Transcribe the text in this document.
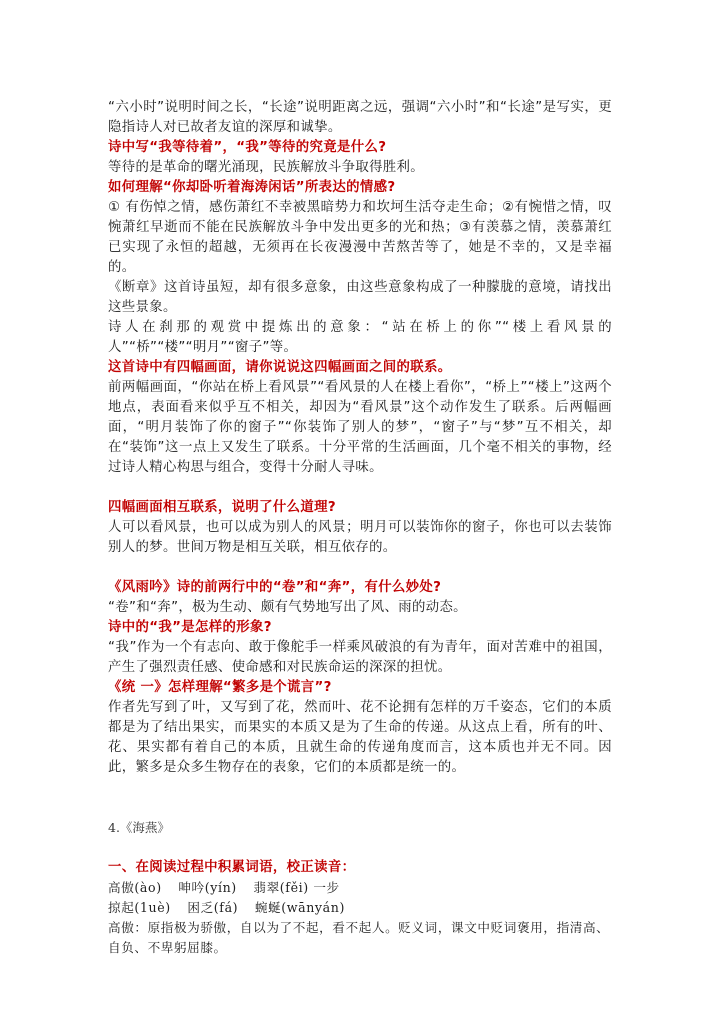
“六小时”说明时间之长，“长途”说明距离之远，强调“六小时”和“长途”是写实，更隐指诗人对已故者友谊的深厚和诚挚。

诗中写“我等待着”，“我”等待的究竟是什么?

等待的是革命的曙光涌现，民族解放斗争取得胜利。

如何理解“你却卧听着海涛闲话”所表达的情感?

① 有伤悼之情，感伤萧红不幸被黑暗势力和坎坷生活夺走生命；②有惋惜之情，叹惋萧红早逝而不能在民族解放斗争中发出更多的光和热；③有羡慕之情，羡慕萧红已实现了永恒的超越，无须再在长夜漫漫中苦熬苦等了，她是不幸的，又是幸福的。

《断章》这首诗虽短，却有很多意象，由这些意象构成了一种朦胧的意境，请找出这些景象。

诗人在刹那的观赏中提炼出的意象：“站在桥上的你”“楼上看风景的人”“桥”“楼”“明月”“窗子”等。

这首诗中有四幅画面，请你说说这四幅画面之间的联系。

前两幅画面，“你站在桥上看风景”“看风景的人在楼上看你”，“桥上”“楼上”这两个地点，表面看来似乎互不相关，却因为“看风景”这个动作发生了联系。后两幅画面，“明月装饰了你的窗子”“你装饰了别人的梦”，“窗子”与“梦”互不相关，却在“装饰”这一点上又发生了联系。十分平常的生活画面，几个毫不相关的事物，经过诗人精心构思与组合，变得十分耐人寻味。

四幅画面相互联系，说明了什么道理?

人可以看风景，也可以成为别人的风景；明月可以装饰你的窗子，你也可以去装饰别人的梦。世间万物是相互关联，相互依存的。

《风雨吟》诗的前两行中的“卷”和“奔”，有什么妙处?

“卷”和“奔”，极为生动、颇有气势地写出了风、雨的动态。

诗中的“我”是怎样的形象?

“我”作为一个有志向、敢于像舵手一样乘风破浪的有为青年，面对苦难中的祖国，产生了强烈责任感、使命感和对民族命运的深深的担忧。

《统 一》怎样理解“繁多是个谎言”?

作者先写到了叶，又写到了花，然而叶、花不论拥有怎样的万千姿态，它们的本质都是为了结出果实，而果实的本质又是为了生命的传递。从这点上看，所有的叶、花、果实都有着自己的本质，且就生命的传递角度而言，这本质也并无不同。因此，繁多是众多生物存在的表象，它们的本质都是统一的。

4.《海燕》

一、在阅读过程中积累词语，校正读音：

高傲(ào) 呻吟(yín) 翡翠(fěi) 一步

掠起(1uè) 困乏(fá) 蜿蜒(wānyán)

高傲：原指极为骄傲，自以为了不起，看不起人。贬义词，课文中贬词褒用，指清高、自负、不卑躬屈膝。
